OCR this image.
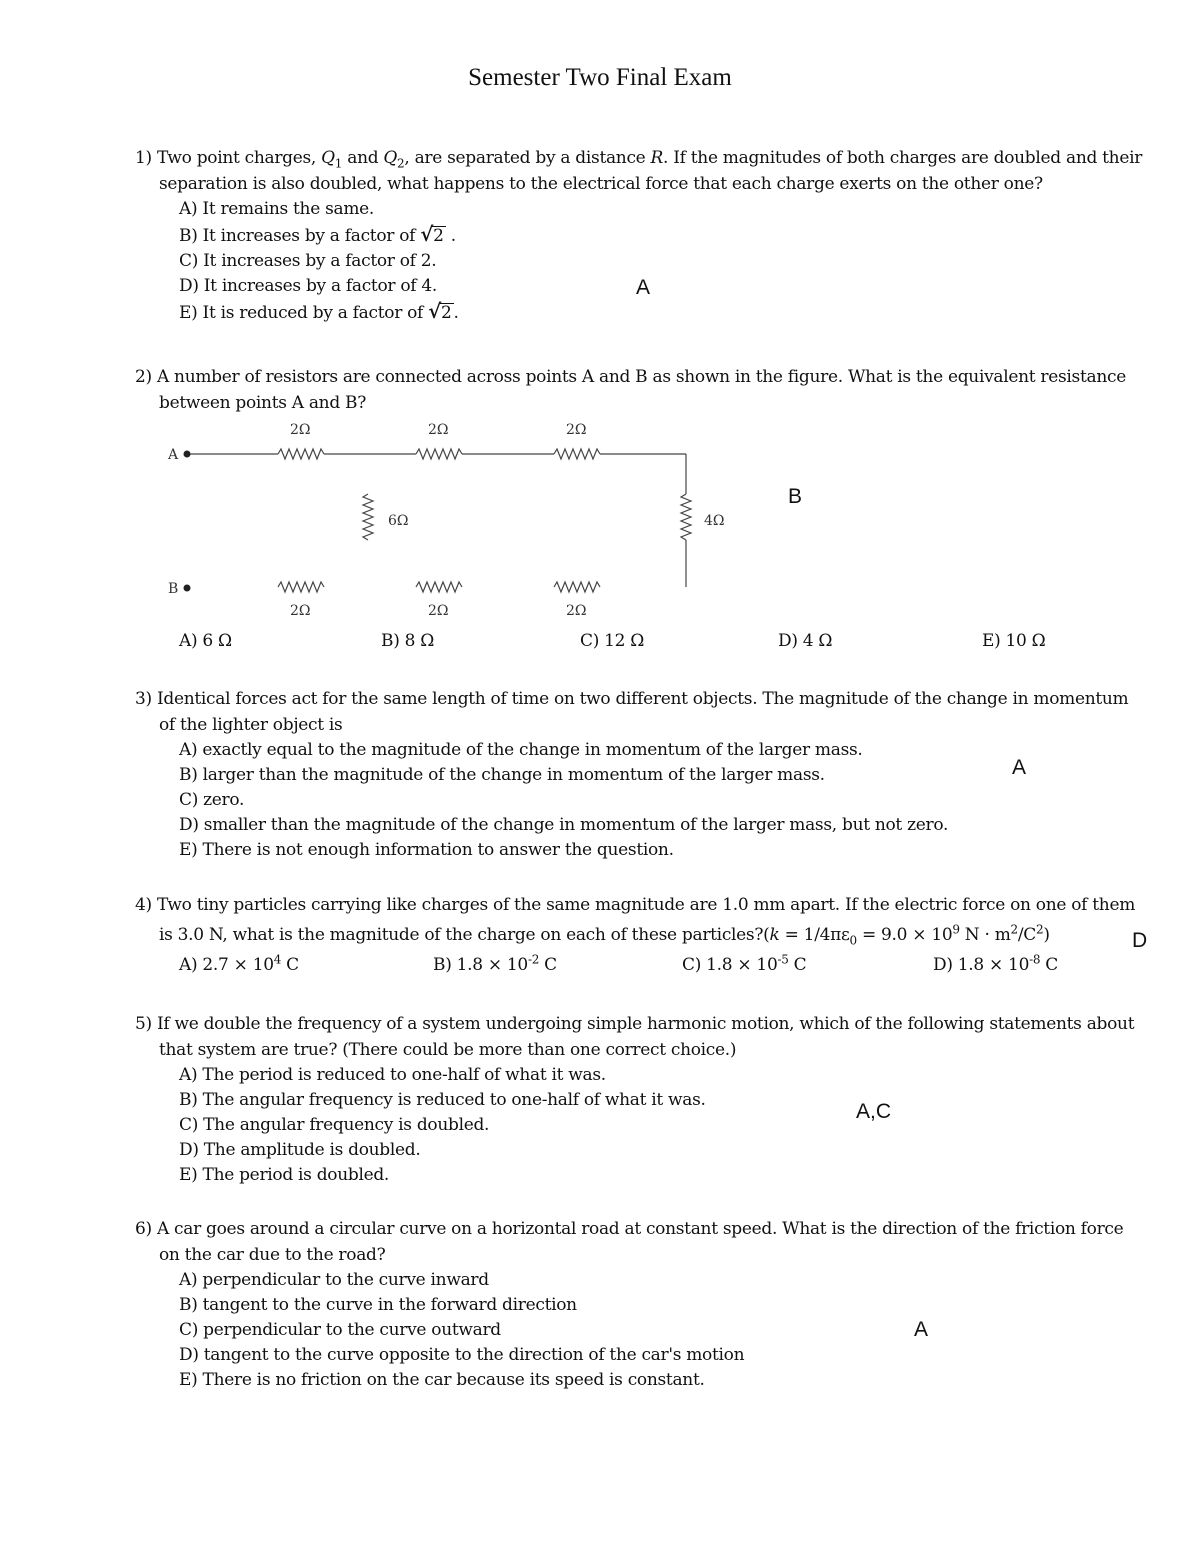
Semester Two Final Exam
1) Two point charges, $Q_1$ and $Q_2$, are separated by a distance R. If the magnitudes of both charges are doubled and their separation is also doubled, what happens to the electrical force that each charge exerts on the other one?
A) It remains the same.
B) It increases by a factor of √2 .
C) It increases by a factor of 2.
D) It increases by a factor of 4.
E) It is reduced by a factor of √2 .
A
2) A number of resistors are connected across points A and B as shown in the figure. What is the equivalent resistance between points A and B?
A
B
2Ω	2Ω	2Ω
6Ω	4Ω
2Ω	2Ω	2Ω
B
A) 6 Ω	B) 8 Ω	C) 12 Ω	D) 4 Ω	E) 10 Ω
3) Identical forces act for the same length of time on two different objects. The magnitude of the change in momentum of the lighter object is
A) exactly equal to the magnitude of the change in momentum of the larger mass.
B) larger than the magnitude of the change in momentum of the larger mass.
C) zero.
D) smaller than the magnitude of the change in momentum of the larger mass, but not zero.
E) There is not enough information to answer the question.
A
4) Two tiny particles carrying like charges of the same magnitude are 1.0 mm apart. If the electric force on one of them is 3.0 N, what is the magnitude of the charge on each of these particles?(k = $1/4\pi\varepsilon_0 = 9.0 \times 10^9$ $N \cdot m^2/C^2$)	D
A) $2.7 \times 10^4$ C	B) $1.8 \times 10^{-2}$ C	C) $1.8 \times 10^{-5}$ C	D) $1.8 \times 10^{-8}$ C
5) If we double the frequency of a system undergoing simple harmonic motion, which of the following statements about that system are true? (There could be more than one correct choice.)
A) The period is reduced to one-half of what it was.
B) The angular frequency is reduced to one-half of what it was.
C) The angular frequency is doubled.
D) The amplitude is doubled.
E) The period is doubled.
A,C
6) A car goes around a circular curve on a horizontal road at constant speed. What is the direction of the friction force on the car due to the road?
A) perpendicular to the curve inward
B) tangent to the curve in the forward direction
C) perpendicular to the curve outward
D) tangent to the curve opposite to the direction of the car's motion
E) There is no friction on the car because its speed is constant.
A
